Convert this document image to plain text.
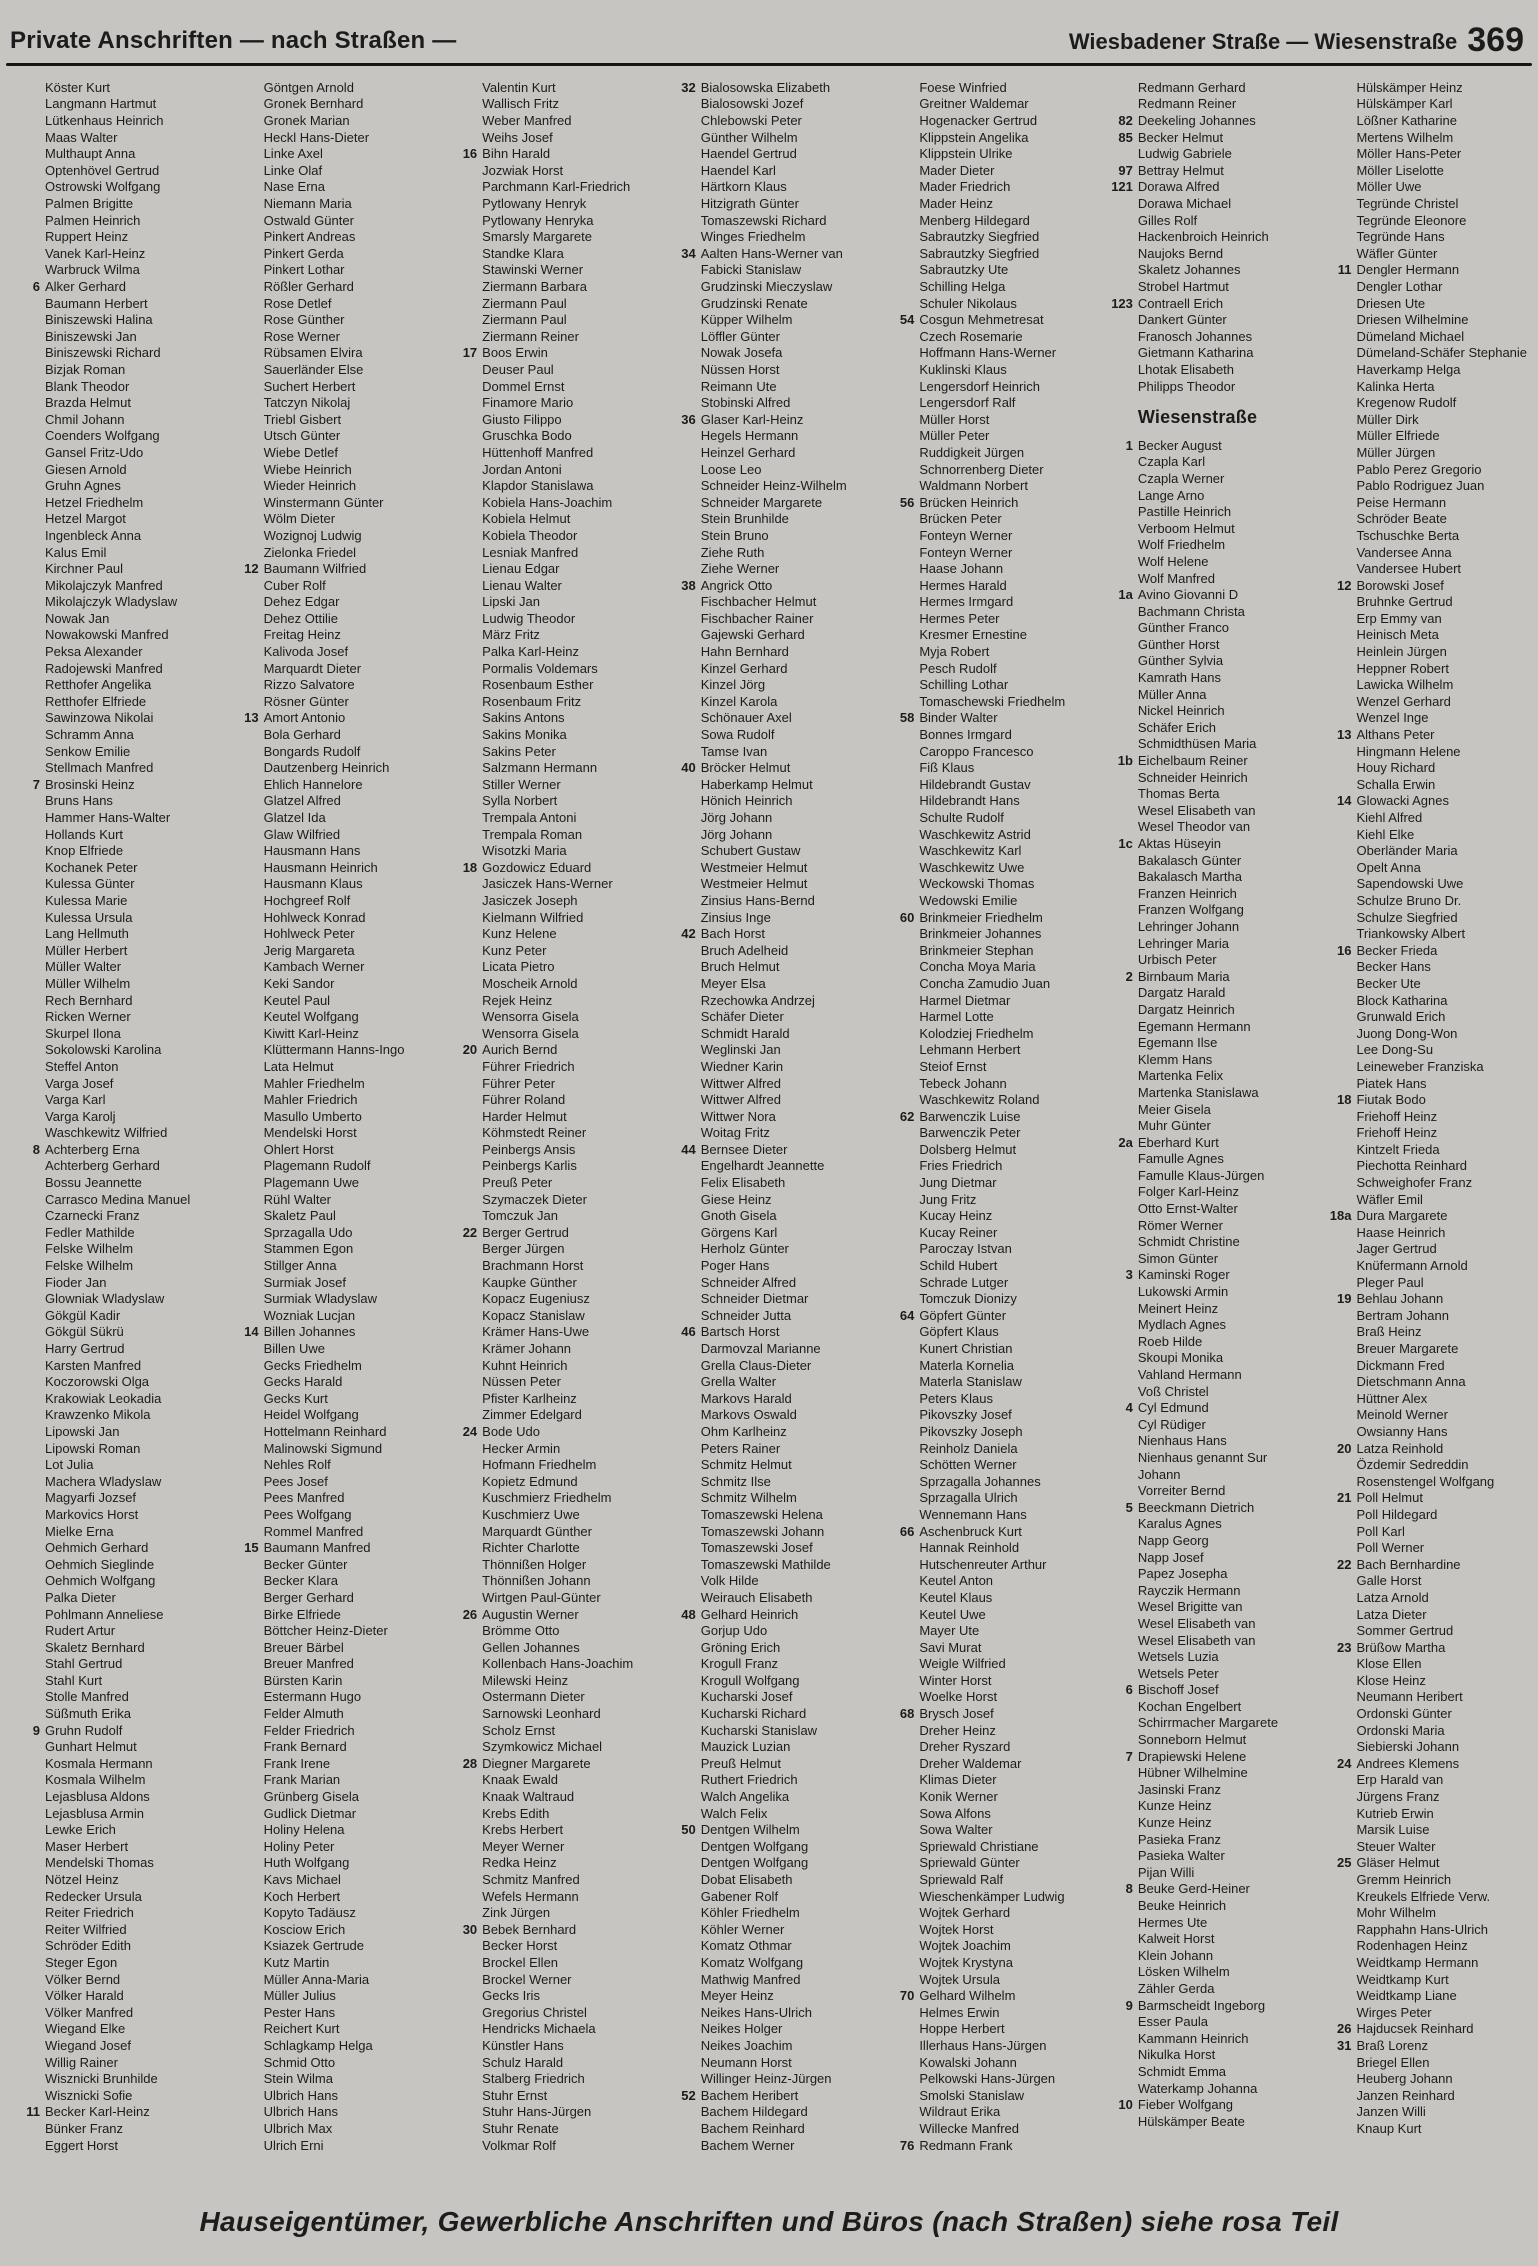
Private Anschriften — nach Straßen —	Wiesbadener Straße — Wiesenstraße 369
Köster Kurt
Langmann Hartmut
Lütkenhaus Heinrich
Maas Walter
Multhaupt Anna
Optenhövel Gertrud
Ostrowski Wolfgang
Palmen Brigitte
Palmen Heinrich
Ruppert Heinz
Vanek Karl-Heinz
Warbruck Wilma
6 Alker Gerhard
Baumann Herbert
Biniszewski Halina
Biniszewski Jan
Biniszewski Richard
Bizjak Roman
Blank Theodor
Brazda Helmut
Chmil Johann
Coenders Wolfgang
Gansel Fritz-Udo
Giesen Arnold
Gruhn Agnes
Hetzel Friedhelm
Hetzel Margot
Ingenbleck Anna
Kalus Emil
Kirchner Paul
Mikolajczyk Manfred
Mikolajczyk Wladyslaw
Nowak Jan
Nowakowski Manfred
Peksa Alexander
Radojewski Manfred
Retthofer Angelika
Retthofer Elfriede
Sawinzowa Nikolai
Schramm Anna
Senkow Emilie
Stellmach Manfred
7 Brosinski Heinz
Bruns Hans
Hammer Hans-Walter
Hollands Kurt
Knop Elfriede
Kochanek Peter
Kulessa Günter
Kulessa Marie
Kulessa Ursula
Lang Hellmuth
Müller Herbert
Müller Walter
Müller Wilhelm
Rech Bernhard
Ricken Werner
Skurpel Ilona
Sokolowski Karolina
Steffel Anton
Varga Josef
Varga Karl
Varga Karolj
Waschkewitz Wilfried
8 Achterberg Erna
Achterberg Gerhard
Bossu Jeannette
Carrasco Medina Manuel
Czarnecki Franz
Fedler Mathilde
Felske Wilhelm
Felske Wilhelm
Fioder Jan
Glowniak Wladyslaw
Gökgül Kadir
Gökgül Sükrü
Harry Gertrud
Karsten Manfred
Koczorowski Olga
Krakowiak Leokadia
Krawzenko Mikola
Lipowski Jan
Lipowski Roman
Lot Julia
Machera Wladyslaw
Magyarfi Jozsef
Markovics Horst
Mielke Erna
Oehmich Gerhard
Oehmich Sieglinde
Oehmich Wolfgang
Palka Dieter
Pohlmann Anneliese
Rudert Artur
Skaletz Bernhard
Stahl Gertrud
Stahl Kurt
Stolle Manfred
Süßmuth Erika
9 Gruhn Rudolf
Gunhart Helmut
Kosmala Hermann
Kosmala Wilhelm
Lejasblusa Aldons
Lejasblusa Armin
Lewke Erich
Maser Herbert
Mendelski Thomas
Nötzel Heinz
Redecker Ursula
Reiter Friedrich
Reiter Wilfried
Schröder Edith
Steger Egon
Völker Bernd
Völker Harald
Völker Manfred
Wiegand Elke
Wiegand Josef
Willig Rainer
Wisznicki Brunhilde
Wisznicki Sofie
11 Becker Karl-Heinz
Bünker Franz
Eggert Horst
Göntgen Arnold
Gronek Bernhard
Gronek Marian
Heckl Hans-Dieter
Linke Axel
Linke Olaf
Nase Erna
Niemann Maria
Ostwald Günter
Pinkert Andreas
Pinkert Gerda
Pinkert Lothar
Rößler Gerhard
Rose Detlef
Rose Günther
Rose Werner
Rübsamen Elvira
Sauerländer Else
Suchert Herbert
Tatczyn Nikolaj
Triebl Gisbert
Utsch Günter
Wiebe Detlef
Wiebe Heinrich
Wieder Heinrich
Winstermann Günter
Wölm Dieter
Wozignoj Ludwig
Zielonka Friedel
12 Baumann Wilfried
Cuber Rolf
Dehez Edgar
Dehez Ottilie
Freitag Heinz
Kalivoda Josef
Marquardt Dieter
Rizzo Salvatore
Rösner Günter
13 Amort Antonio
Bola Gerhard
Bongards Rudolf
Dautzenberg Heinrich
Ehlich Hannelore
Glatzel Alfred
Glatzel Ida
Glaw Wilfried
Hausmann Hans
Hausmann Heinrich
Hausmann Klaus
Hochgreef Rolf
Hohlweck Konrad
Hohlweck Peter
Jerig Margareta
Kambach Werner
Keki Sandor
Keutel Paul
Keutel Wolfgang
Kiwitt Karl-Heinz
Klüttermann Hanns-Ingo
Lata Helmut
Mahler Friedhelm
Mahler Friedrich
Masullo Umberto
Mendelski Horst
Ohlert Horst
Plagemann Rudolf
Plagemann Uwe
Rühl Walter
Skaletz Paul
Sprzagalla Udo
Stammen Egon
Stillger Anna
Surmiak Josef
Surmiak Wladyslaw
Wozniak Lucjan
14 Billen Johannes
Billen Uwe
Gecks Friedhelm
Gecks Harald
Gecks Kurt
Heidel Wolfgang
Hottelmann Reinhard
Malinowski Sigmund
Nehles Rolf
Pees Josef
Pees Manfred
Pees Wolfgang
Rommel Manfred
15 Baumann Manfred
Becker Günter
Becker Klara
Berger Gerhard
Birke Elfriede
Böttcher Heinz-Dieter
Breuer Bärbel
Breuer Manfred
Bürsten Karin
Estermann Hugo
Felder Almuth
Felder Friedrich
Frank Bernard
Frank Irene
Frank Marian
Grünberg Gisela
Gudlick Dietmar
Holiny Helena
Holiny Peter
Huth Wolfgang
Kavs Michael
Koch Herbert
Kopyto Tadäusz
Kosciow Erich
Ksiazek Gertrude
Kutz Martin
Müller Anna-Maria
Müller Julius
Pester Hans
Reichert Kurt
Schlagkamp Helga
Schmid Otto
Stein Wilma
Ulbrich Hans
Ulbrich Hans
Ulbrich Max
Ulrich Erni
Valentin Kurt
Wallisch Fritz
Weber Manfred
Weihs Josef
16 Bihn Harald
Jozwiak Horst
Parchmann Karl-Friedrich
Pytlowany Henryk
Pytlowany Henryka
Smarsly Margarete
Standke Klara
Stawinski Werner
Ziermann Barbara
Ziermann Paul
Ziermann Paul
Ziermann Reiner
17 Boos Erwin
Deuser Paul
Dommel Ernst
Finamore Mario
Giusto Filippo
Gruschka Bodo
Hüttenhoff Manfred
Jordan Antoni
Klapdor Stanislawa
Kobiela Hans-Joachim
Kobiela Helmut
Kobiela Theodor
Lesniak Manfred
Lienau Edgar
Lienau Walter
Lipski Jan
Ludwig Theodor
März Fritz
Palka Karl-Heinz
Pormalis Voldemars
Rosenbaum Esther
Rosenbaum Fritz
Sakins Antons
Sakins Monika
Sakins Peter
Salzmann Hermann
Stiller Werner
Sylla Norbert
Trempala Antoni
Trempala Roman
Wisotzki Maria
18 Gozdowicz Eduard
Jasiczek Hans-Werner
Jasiczek Joseph
Kielmann Wilfried
Kunz Helene
Kunz Peter
Licata Pietro
Moscheik Arnold
Rejek Heinz
Wensorra Gisela
Wensorra Gisela
20 Aurich Bernd
Führer Friedrich
Führer Peter
Führer Roland
Harder Helmut
Köhmstedt Reiner
Peinbergs Ansis
Peinbergs Karlis
Preuß Peter
Szymaczek Dieter
Tomczuk Jan
22 Berger Gertrud
Berger Jürgen
Brachmann Horst
Kaupke Günther
Kopacz Eugeniusz
Kopacz Stanislaw
Krämer Hans-Uwe
Krämer Johann
Kuhnt Heinrich
Nüssen Peter
Pfister Karlheinz
Zimmer Edelgard
24 Bode Udo
Hecker Armin
Hofmann Friedhelm
Kopietz Edmund
Kuschmierz Friedhelm
Kuschmierz Uwe
Marquardt Günther
Richter Charlotte
Thönnißen Holger
Thönnißen Johann
Wirtgen Paul-Günter
26 Augustin Werner
Brömme Otto
Gellen Johannes
Kollenbach Hans-Joachim
Milewski Heinz
Ostermann Dieter
Sarnowski Leonhard
Scholz Ernst
Szymkowicz Michael
28 Diegner Margarete
Knaak Ewald
Knaak Waltraud
Krebs Edith
Krebs Herbert
Meyer Werner
Redka Heinz
Schmitz Manfred
Wefels Hermann
Zink Jürgen
30 Bebek Bernhard
Becker Horst
Brockel Ellen
Brockel Werner
Gecks Iris
Gregorius Christel
Hendricks Michaela
Künstler Hans
Schulz Harald
Stalberg Friedrich
Stuhr Ernst
Stuhr Hans-Jürgen
Stuhr Renate
Volkmar Rolf
32 Bialosowska Elizabeth
Bialosowski Jozef
Chlebowski Peter
Günther Wilhelm
Haendel Gertrud
Haendel Karl
Härtkorn Klaus
Hitzigrath Günter
Tomaszewski Richard
Winges Friedhelm
34 Aalten Hans-Werner van
Fabicki Stanislaw
Grudzinski Mieczyslaw
Grudzinski Renate
Küpper Wilhelm
Löffler Günter
Nowak Josefa
Nüssen Horst
Reimann Ute
Stobinski Alfred
36 Glaser Karl-Heinz
Hegels Hermann
Heinzel Gerhard
Loose Leo
Schneider Heinz-Wilhelm
Schneider Margarete
Stein Brunhilde
Stein Bruno
Ziehe Ruth
Ziehe Werner
38 Angrick Otto
Fischbacher Helmut
Fischbacher Rainer
Gajewski Gerhard
Hahn Bernhard
Kinzel Gerhard
Kinzel Jörg
Kinzel Karola
Schönauer Axel
Sowa Rudolf
Tamse Ivan
40 Bröcker Helmut
Haberkamp Helmut
Hönich Heinrich
Jörg Johann
Jörg Johann
Schubert Gustaw
Westmeier Helmut
Westmeier Helmut
Zinsius Hans-Bernd
Zinsius Inge
42 Bach Horst
Bruch Adelheid
Bruch Helmut
Meyer Elsa
Rzechowka Andrzej
Schäfer Dieter
Schmidt Harald
Weglinski Jan
Wiedner Karin
Wittwer Alfred
Wittwer Alfred
Wittwer Nora
Woitag Fritz
44 Bernsee Dieter
Engelhardt Jeannette
Felix Elisabeth
Giese Heinz
Gnoth Gisela
Görgens Karl
Herholz Günter
Poger Hans
Schneider Alfred
Schneider Dietmar
Schneider Jutta
46 Bartsch Horst
Darmovzal Marianne
Grella Claus-Dieter
Grella Walter
Markovs Harald
Markovs Oswald
Ohm Karlheinz
Peters Rainer
Schmitz Helmut
Schmitz Ilse
Schmitz Wilhelm
Tomaszewski Helena
Tomaszewski Johann
Tomaszewski Josef
Tomaszewski Mathilde
Volk Hilde
Weirauch Elisabeth
48 Gelhard Heinrich
Gorjup Udo
Gröning Erich
Krogull Franz
Krogull Wolfgang
Kucharski Josef
Kucharski Richard
Kucharski Stanislaw
Mauzick Luzian
Preuß Helmut
Ruthert Friedrich
Walch Angelika
Walch Felix
50 Dentgen Wilhelm
Dentgen Wolfgang
Dentgen Wolfgang
Dobat Elisabeth
Gabener Rolf
Köhler Friedhelm
Köhler Werner
Komatz Othmar
Komatz Wolfgang
Mathwig Manfred
Meyer Heinz
Neikes Hans-Ulrich
Neikes Holger
Neikes Joachim
Neumann Horst
Willinger Heinz-Jürgen
52 Bachem Heribert
Bachem Hildegard
Bachem Reinhard
Bachem Werner
Foese Winfried
Greitner Waldemar
Hogenacker Gertrud
Klippstein Angelika
Klippstein Ulrike
Mader Dieter
Mader Friedrich
Mader Heinz
Menberg Hildegard
Sabrautzky Siegfried
Sabrautzky Siegfried
Sabrautzky Ute
Schilling Helga
Schuler Nikolaus
54 Cosgun Mehmetresat
Czech Rosemarie
Hoffmann Hans-Werner
Kuklinski Klaus
Lengersdorf Heinrich
Lengersdorf Ralf
Müller Horst
Müller Peter
Ruddigkeit Jürgen
Schnorrenberg Dieter
Waldmann Norbert
56 Brücken Heinrich
Brücken Peter
Fonteyn Werner
Fonteyn Werner
Haase Johann
Hermes Harald
Hermes Irmgard
Hermes Peter
Kresmer Ernestine
Myja Robert
Pesch Rudolf
Schilling Lothar
Tomaschewski Friedhelm
58 Binder Walter
Bonnes Irmgard
Caroppo Francesco
Fiß Klaus
Hildebrandt Gustav
Hildebrandt Hans
Schulte Rudolf
Waschkewitz Astrid
Waschkewitz Karl
Waschkewitz Uwe
Weckowski Thomas
Wedowski Emilie
60 Brinkmeier Friedhelm
Brinkmeier Johannes
Brinkmeier Stephan
Concha Moya Maria
Concha Zamudio Juan
Harmel Dietmar
Harmel Lotte
Kolodziej Friedhelm
Lehmann Herbert
Steiof Ernst
Tebeck Johann
Waschkewitz Roland
62 Barwenczik Luise
Barwenczik Peter
Dolsberg Helmut
Fries Friedrich
Jung Dietmar
Jung Fritz
Kucay Heinz
Kucay Reiner
Paroczay Istvan
Schild Hubert
Schrade Lutger
Tomczuk Dionizy
64 Göpfert Günter
Göpfert Klaus
Kunert Christian
Materla Kornelia
Materla Stanislaw
Peters Klaus
Pikovszky Josef
Pikovszky Joseph
Reinholz Daniela
Schötten Werner
Sprzagalla Johannes
Sprzagalla Ulrich
Wennemann Hans
66 Aschenbruck Kurt
Hannak Reinhold
Hutschenreuter Arthur
Keutel Anton
Keutel Klaus
Keutel Uwe
Mayer Ute
Savi Murat
Weigle Wilfried
Winter Horst
Woelke Horst
68 Brysch Josef
Dreher Heinz
Dreher Ryszard
Dreher Waldemar
Klimas Dieter
Konik Werner
Sowa Alfons
Sowa Walter
Spriewald Christiane
Spriewald Günter
Spriewald Ralf
Wieschenkämper Ludwig
Wojtek Gerhard
Wojtek Horst
Wojtek Joachim
Wojtek Krystyna
Wojtek Ursula
70 Gelhard Wilhelm
Helmes Erwin
Hoppe Herbert
Illerhaus Hans-Jürgen
Kowalski Johann
Pelkowski Hans-Jürgen
Smolski Stanislaw
Wildraut Erika
Willecke Manfred
76 Redmann Frank
Redmann Gerhard
Redmann Reiner
82 Deekeling Johannes
85 Becker Helmut
Ludwig Gabriele
97 Bettray Helmut
121 Dorawa Alfred
Dorawa Michael
Gilles Rolf
Hackenbroich Heinrich
Naujoks Bernd
Skaletz Johannes
Strobel Hartmut
123 Contraell Erich
Dankert Günter
Franosch Johannes
Gietmann Katharina
Lhotak Elisabeth
Philipps Theodor
Wiesenstraße
1 Becker August
Czapla Karl
Czapla Werner
Lange Arno
Pastille Heinrich
Verboom Helmut
Wolf Friedhelm
Wolf Helene
Wolf Manfred
1a Avino Giovanni D
Bachmann Christa
Günther Franco
Günther Horst
Günther Sylvia
Kamrath Hans
Müller Anna
Nickel Heinrich
Schäfer Erich
Schmidthüsen Maria
1b Eichelbaum Reiner
Schneider Heinrich
Thomas Berta
Wesel Elisabeth van
Wesel Theodor van
1c Aktas Hüseyin
Bakalasch Günter
Bakalasch Martha
Franzen Heinrich
Franzen Wolfgang
Lehringer Johann
Lehringer Maria
Urbisch Peter
2 Birnbaum Maria
Dargatz Harald
Dargatz Heinrich
Egemann Hermann
Egemann Ilse
Klemm Hans
Martenka Felix
Martenka Stanislawa
Meier Gisela
Muhr Günter
2a Eberhard Kurt
Famulle Agnes
Famulle Klaus-Jürgen
Folger Karl-Heinz
Otto Ernst-Walter
Römer Werner
Schmidt Christine
Simon Günter
3 Kaminski Roger
Lukowski Armin
Meinert Heinz
Mydlach Agnes
Roeb Hilde
Skoupi Monika
Vahland Hermann
Voß Christel
4 Cyl Edmund
Cyl Rüdiger
Nienhaus Hans
Nienhaus genannt Sur Johann
Vorreiter Bernd
5 Beeckmann Dietrich
Karalus Agnes
Napp Georg
Napp Josef
Papez Josepha
Rayczik Hermann
Wesel Brigitte van
Wesel Elisabeth van
Wesel Elisabeth van
Wetsels Luzia
Wetsels Peter
6 Bischoff Josef
Kochan Engelbert
Schirrmacher Margarete
Sonneborn Helmut
7 Drapiewski Helene
Hübner Wilhelmine
Jasinski Franz
Kunze Heinz
Kunze Heinz
Pasieka Franz
Pasieka Walter
Pijan Willi
8 Beuke Gerd-Heiner
Beuke Heinrich
Hermes Ute
Kalweit Horst
Klein Johann
Lösken Wilhelm
Zähler Gerda
9 Barmscheidt Ingeborg
Esser Paula
Kammann Heinrich
Nikulka Horst
Schmidt Emma
Waterkamp Johanna
10 Fieber Wolfgang
Hülskämper Beate
Hülskämper Heinz
Hülskämper Karl
Lößner Katharine
Mertens Wilhelm
Möller Hans-Peter
Möller Liselotte
Möller Uwe
Tegründe Christel
Tegründe Eleonore
Tegründe Hans
Wäfler Günter
11 Dengler Hermann
Dengler Lothar
Driesen Ute
Driesen Wilhelmine
Dümeland Michael
Dümeland-Schäfer Stephanie
Haverkamp Helga
Kalinka Herta
Kregenow Rudolf
Müller Dirk
Müller Elfriede
Müller Jürgen
Pablo Perez Gregorio
Pablo Rodriguez Juan
Peise Hermann
Schröder Beate
Tschuschke Berta
Vandersee Anna
Vandersee Hubert
12 Borowski Josef
Bruhnke Gertrud
Erp Emmy van
Heinisch Meta
Heinlein Jürgen
Heppner Robert
Lawicka Wilhelm
Wenzel Gerhard
Wenzel Inge
13 Althans Peter
Hingmann Helene
Houy Richard
Schalla Erwin
14 Glowacki Agnes
Kiehl Alfred
Kiehl Elke
Oberländer Maria
Opelt Anna
Sapendowski Uwe
Schulze Bruno Dr.
Schulze Siegfried
Triankowsky Albert
16 Becker Frieda
Becker Hans
Becker Ute
Block Katharina
Grunwald Erich
Juong Dong-Won
Lee Dong-Su
Leineweber Franziska
Piatek Hans
18 Fiutak Bodo
Friehoff Heinz
Friehoff Heinz
Kintzelt Frieda
Piechotta Reinhard
Schweighofer Franz
Wäfler Emil
18a Dura Margarete
Haase Heinrich
Jager Gertrud
Knüfermann Arnold
Pleger Paul
19 Behlau Johann
Bertram Johann
Braß Heinz
Breuer Margarete
Dickmann Fred
Dietschmann Anna
Hüttner Alex
Meinold Werner
Owsianny Hans
20 Latza Reinhold
Özdemir Sedreddin
Rosenstengel Wolfgang
21 Poll Helmut
Poll Hildegard
Poll Karl
Poll Werner
22 Bach Bernhardine
Galle Horst
Latza Arnold
Latza Dieter
Sommer Gertrud
23 Brüßow Martha
Klose Ellen
Klose Heinz
Neumann Heribert
Ordonski Günter
Ordonski Maria
Siebierski Johann
24 Andrees Klemens
Erp Harald van
Jürgens Franz
Kutrieb Erwin
Marsik Luise
Steuer Walter
25 Gläser Helmut
Gremm Heinrich
Kreukels Elfriede Verw.
Mohr Wilhelm
Rapphahn Hans-Ulrich
Rodenhagen Heinz
Weidtkamp Hermann
Weidtkamp Kurt
Weidtkamp Liane
Wirges Peter
26 Hajducsek Reinhard
31 Braß Lorenz
Briegel Ellen
Heuberg Johann
Janzen Reinhard
Janzen Willi
Knaup Kurt
Hauseigentümer, Gewerbliche Anschriften und Büros (nach Straßen) siehe rosa Teil
